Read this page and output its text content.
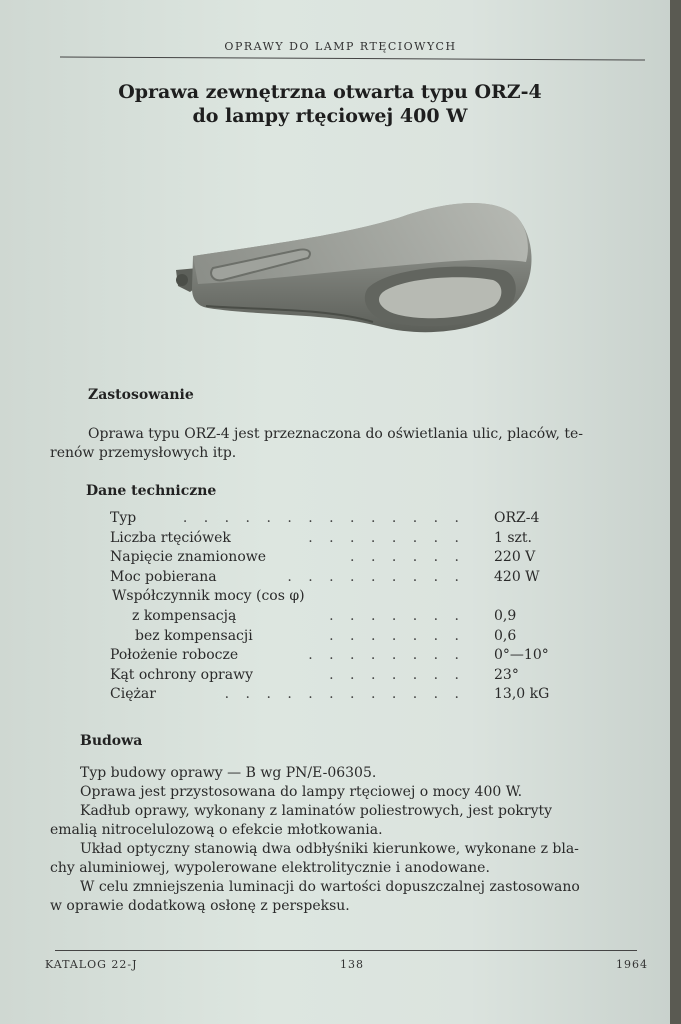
OPRAWY DO LAMP RTĘCIOWYCH
Oprawa zewnętrzna otwarta typu ORZ-4
do lampy rtęciowej 400 W
Zastosowanie
Oprawa typu ORZ-4 jest przeznaczona do oświetlania ulic, placów, te-
renów przemysłowych itp.
Dane techniczne
Typ	. . . . . . . . . . . . . . ORZ-4
Liczba rtęciówek	. . . . . . . . 1 szt.
Napięcie znamionowe	. . . . . . 220 V
Moc pobierana	. . . . . . . . . 420 W
Współczynnik mocy (cos φ)
z kompensacją	. . . . . . . 0,9
bez kompensacji	. . . . . . . 0,6
Położenie robocze	. . . . . . . . 0°—10°
Kąt ochrony oprawy	. . . . . . . 23°
Ciężar	. . . . . . . . . . . . 13,0 kG
Budowa
Typ budowy oprawy — B wg PN/E-06305.
Oprawa jest przystosowana do lampy rtęciowej o mocy 400 W.
Kadłub oprawy, wykonany z laminatów poliestrowych, jest pokryty
emalią nitrocelulozową o efekcie młotkowania.
Układ optyczny stanowią dwa odbłyśniki kierunkowe, wykonane z bla-
chy aluminiowej, wypolerowane elektrolitycznie i anodowane.
W celu zmniejszenia luminacji do wartości dopuszczalnej zastosowano
w oprawie dodatkową osłonę z perspeksu.
KATALOG 22-J	138	1964
